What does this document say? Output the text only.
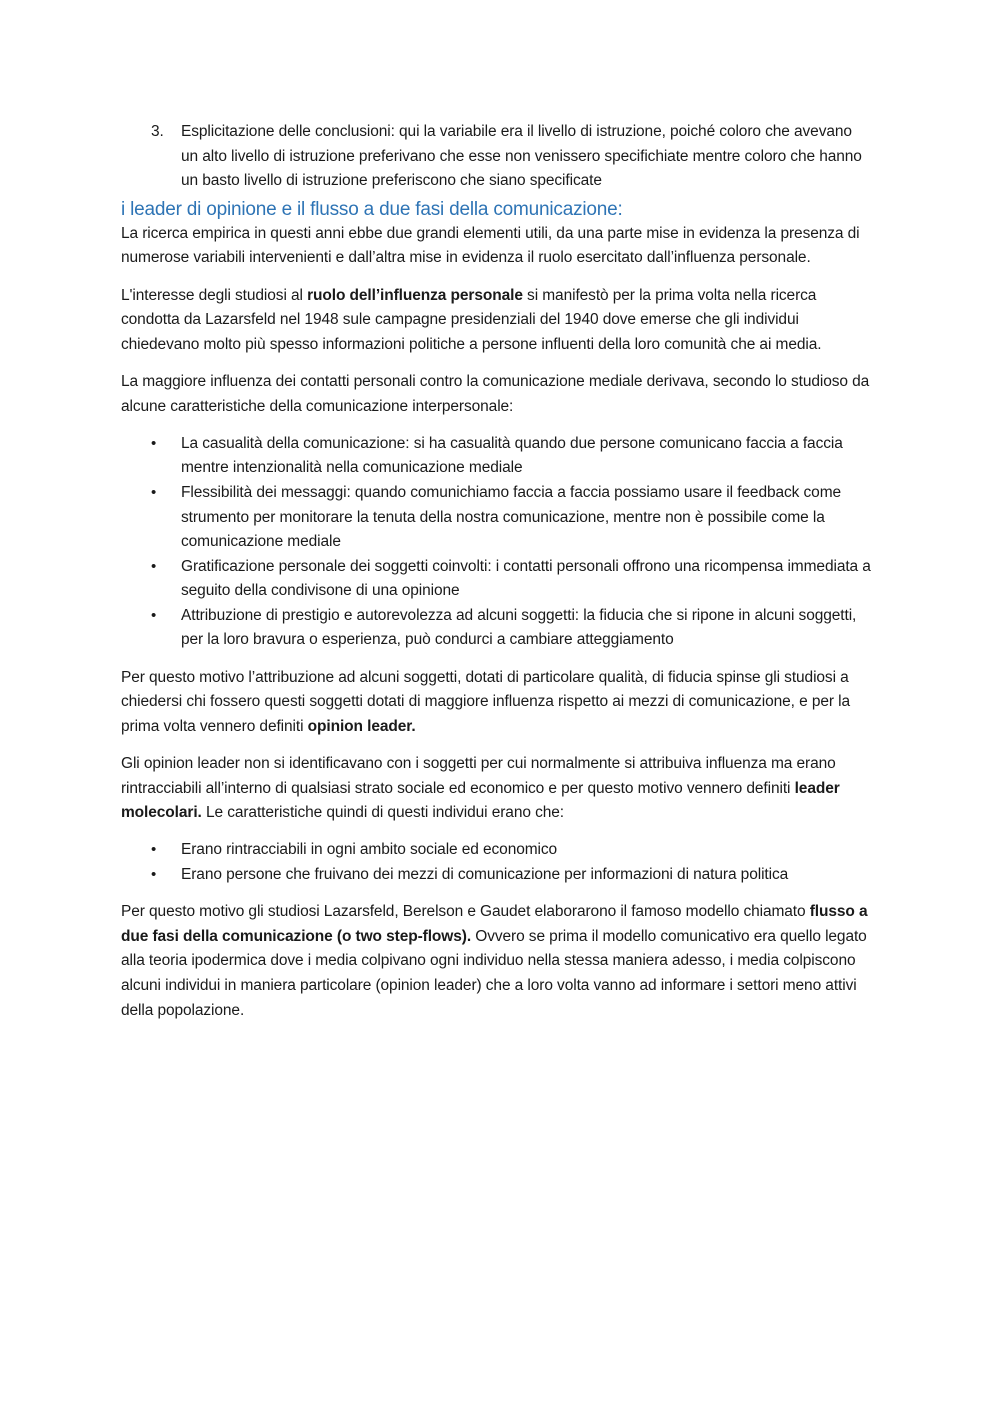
3. Esplicitazione delle conclusioni: qui la variabile era il livello di istruzione, poiché coloro che avevano un alto livello di istruzione preferivano che esse non venissero specifichiate mentre coloro che hanno un basto livello di istruzione preferiscono che siano specificate
i leader di opinione e il flusso a due fasi della comunicazione:

La ricerca empirica in questi anni ebbe due grandi elementi utili, da una parte mise in evidenza la presenza di numerose variabili intervenienti e dall’altra mise in evidenza il ruolo esercitato dall’influenza personale.

L'interesse degli studiosi al ruolo dell’influenza personale si manifestò per la prima volta nella ricerca condotta da Lazarsfeld nel 1948 sule campagne presidenziali del 1940 dove emerse che gli individui chiedevano molto più spesso informazioni politiche a persone influenti della loro comunità che ai media.

La maggiore influenza dei contatti personali contro la comunicazione mediale derivava, secondo lo studioso da alcune caratteristiche della comunicazione interpersonale:

• La casualità della comunicazione: si ha casualità quando due persone comunicano faccia a faccia mentre intenzionalità nella comunicazione mediale
• Flessibilità dei messaggi: quando comunichiamo faccia a faccia possiamo usare il feedback come strumento per monitorare la tenuta della nostra comunicazione, mentre non è possibile come la comunicazione mediale
• Gratificazione personale dei soggetti coinvolti: i contatti personali offrono una ricompensa immediata a seguito della condivisone di una opinione
• Attribuzione di prestigio e autorevolezza ad alcuni soggetti: la fiducia che si ripone in alcuni soggetti, per la loro bravura o esperienza, può condurci a cambiare atteggiamento

Per questo motivo l’attribuzione ad alcuni soggetti, dotati di particolare qualità, di fiducia spinse gli studiosi a chiedersi chi fossero questi soggetti dotati di maggiore influenza rispetto ai mezzi di comunicazione, e per la prima volta vennero definiti opinion leader.

Gli opinion leader non si identificavano con i soggetti per cui normalmente si attribuiva influenza ma erano rintracciabili all’interno di qualsiasi strato sociale ed economico e per questo motivo vennero definiti leader molecolari. Le caratteristiche quindi di questi individui erano che:

• Erano rintracciabili in ogni ambito sociale ed economico
• Erano persone che fruivano dei mezzi di comunicazione per informazioni di natura politica

Per questo motivo gli studiosi Lazarsfeld, Berelson e Gaudet elaborarono il famoso modello chiamato flusso a due fasi della comunicazione (o two step-flows). Ovvero se prima il modello comunicativo era quello legato alla teoria ipodermica dove i media colpivano ogni individuo nella stessa maniera adesso, i media colpiscono alcuni individui in maniera particolare (opinion leader) che a loro volta vanno ad informare i settori meno attivi della popolazione.
